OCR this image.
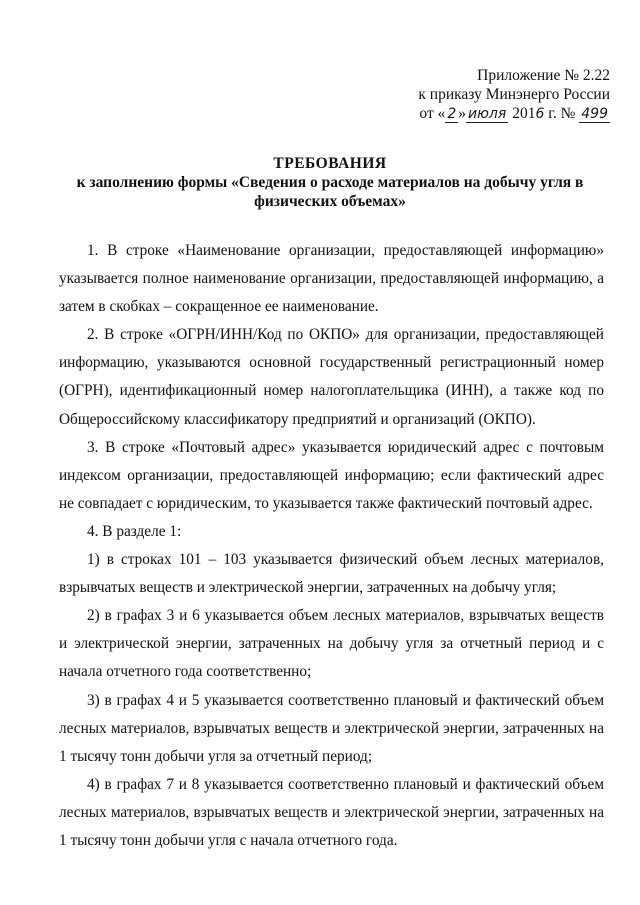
Приложение № 2.22
к приказу Минэнерго России
от « 2 » июля 2016 г. № 499
ТРЕБОВАНИЯ
к заполнению формы «Сведения о расходе материалов на добычу угля в физических объемах»

1. В строке «Наименование организации, предоставляющей информацию» указывается полное наименование организации, предоставляющей информацию, а затем в скобках – сокращенное ее наименование.

2. В строке «ОГРН/ИНН/Код по ОКПО» для организации, предоставляющей информацию, указываются основной государственный регистрационный номер (ОГРН), идентификационный номер налогоплательщика (ИНН), а также код по Общероссийскому классификатору предприятий и организаций (ОКПО).

3. В строке «Почтовый адрес» указывается юридический адрес с почтовым индексом организации, предоставляющей информацию; если фактический адрес не совпадает с юридическим, то указывается также фактический почтовый адрес.

4. В разделе 1:

1) в строках 101 – 103 указывается физический объем лесных материалов, взрывчатых веществ и электрической энергии, затраченных на добычу угля;

2) в графах 3 и 6 указывается объем лесных материалов, взрывчатых веществ и электрической энергии, затраченных на добычу угля за отчетный период и с начала отчетного года соответственно;

3) в графах 4 и 5 указывается соответственно плановый и фактический объем лесных материалов, взрывчатых веществ и электрической энергии, затраченных на 1 тысячу тонн добычи угля за отчетный период;

4) в графах 7 и 8 указывается соответственно плановый и фактический объем лесных материалов, взрывчатых веществ и электрической энергии, затраченных на 1 тысячу тонн добычи угля с начала отчетного года.
